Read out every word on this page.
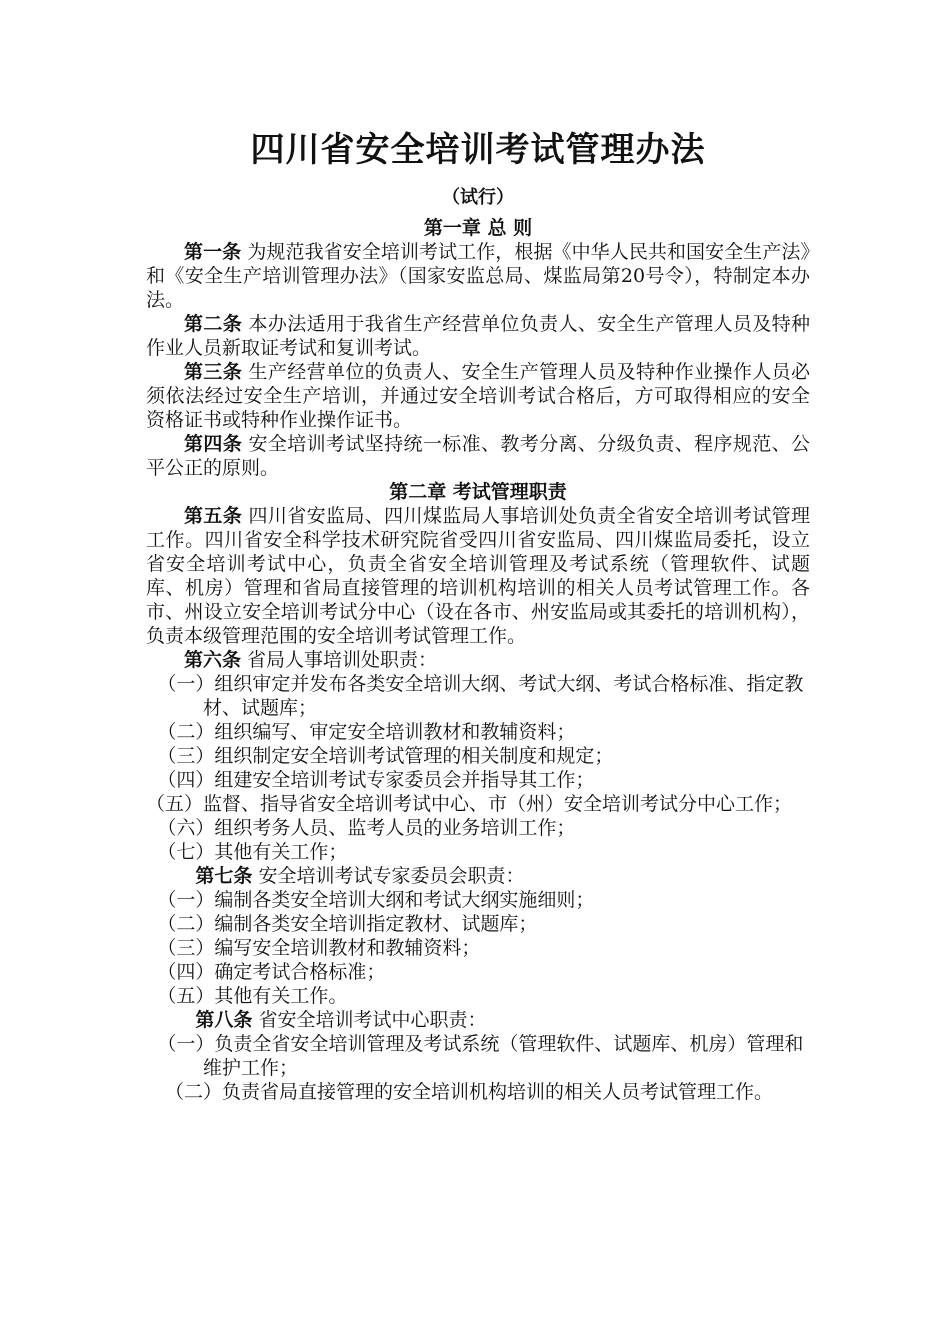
四川省安全培训考试管理办法

（试行）

第一章 总 则

第一条 为规范我省安全培训考试工作，根据《中华人民共和国安全生产法》和《安全生产培训管理办法》（国家安监总局、煤监局第20号令），特制定本办法。

第二条 本办法适用于我省生产经营单位负责人、安全生产管理人员及特种作业人员新取证考试和复训考试。

第三条 生产经营单位的负责人、安全生产管理人员及特种作业操作人员必须依法经过安全生产培训，并通过安全培训考试合格后，方可取得相应的安全资格证书或特种作业操作证书。

第四条 安全培训考试坚持统一标准、教考分离、分级负责、程序规范、公平公正的原则。

第二章 考试管理职责

第五条 四川省安监局、四川煤监局人事培训处负责全省安全培训考试管理工作。四川省安全科学技术研究院省受四川省安监局、四川煤监局委托，设立省安全培训考试中心，负责全省安全培训管理及考试系统（管理软件、试题库、机房）管理和省局直接管理的培训机构培训的相关人员考试管理工作。各市、州设立安全培训考试分中心（设在各市、州安监局或其委托的培训机构），负责本级管理范围的安全培训考试管理工作。

第六条 省局人事培训处职责：

（一）组织审定并发布各类安全培训大纲、考试大纲、考试合格标准、指定教材、试题库；

（二）组织编写、审定安全培训教材和教辅资料；

（三）组织制定安全培训考试管理的相关制度和规定；

（四）组建安全培训考试专家委员会并指导其工作；

（五）监督、指导省安全培训考试中心、市（州）安全培训考试分中心工作；

（六）组织考务人员、监考人员的业务培训工作；

（七）其他有关工作；

第七条 安全培训考试专家委员会职责：

（一）编制各类安全培训大纲和考试大纲实施细则；

（二）编制各类安全培训指定教材、试题库；

（三）编写安全培训教材和教辅资料；

（四）确定考试合格标准；

（五）其他有关工作。

第八条 省安全培训考试中心职责：

（一）负责全省安全培训管理及考试系统（管理软件、试题库、机房）管理和维护工作；

（二）负责省局直接管理的安全培训机构培训的相关人员考试管理工作。
